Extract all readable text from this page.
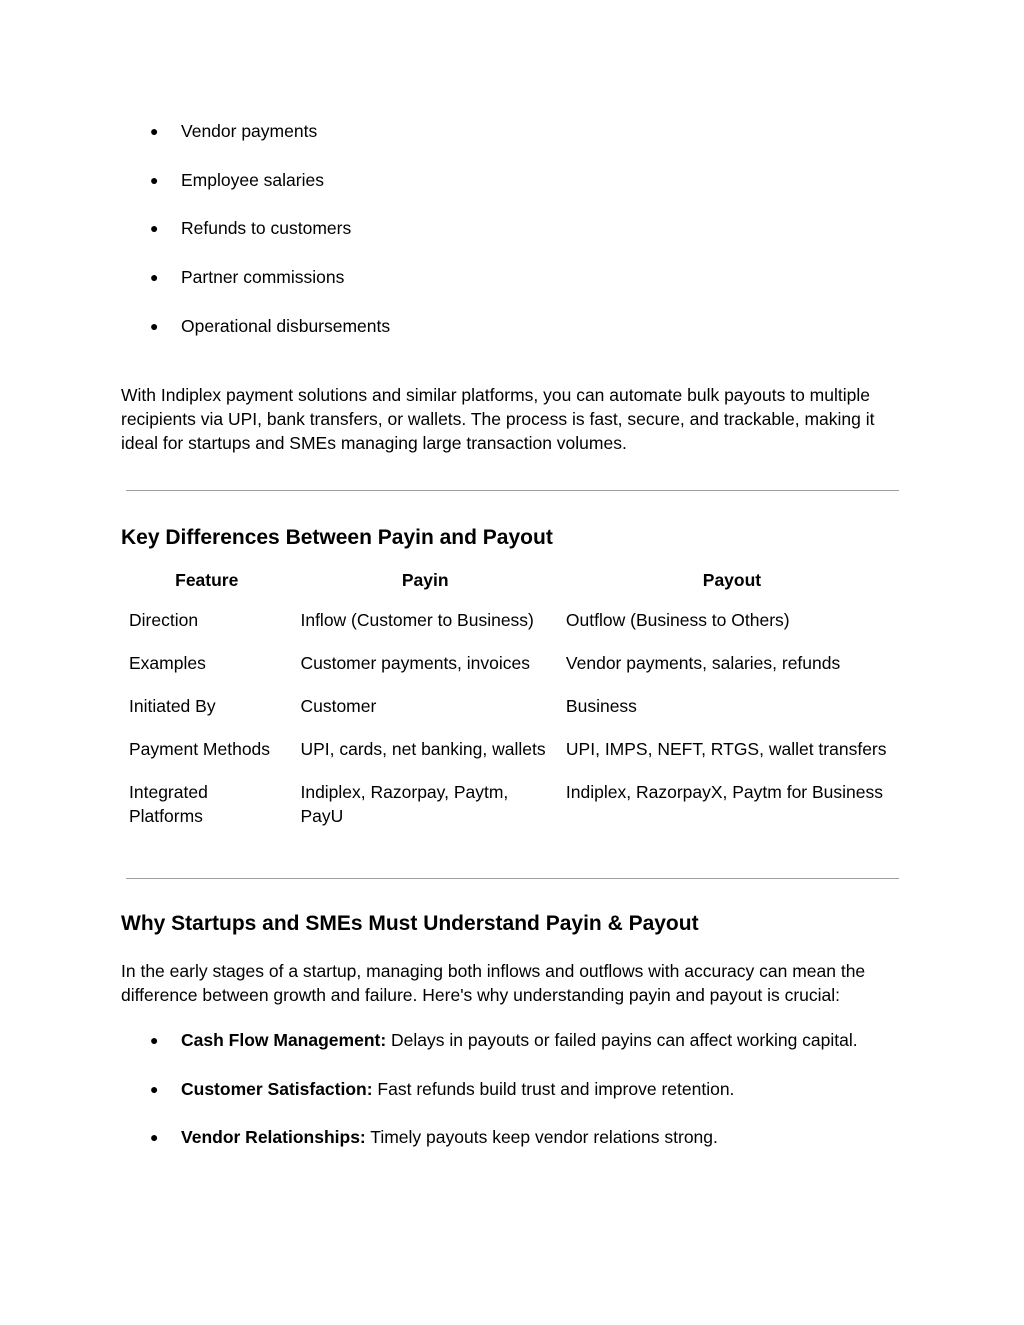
● Vendor payments
● Employee salaries
● Refunds to customers
● Partner commissions
● Operational disbursements

With Indiplex payment solutions and similar platforms, you can automate bulk payouts to multiple recipients via UPI, bank transfers, or wallets. The process is fast, secure, and trackable, making it ideal for startups and SMEs managing large transaction volumes.

Key Differences Between Payin and Payout
Feature	Payin	Payout
Direction	Inflow (Customer to Business)	Outflow (Business to Others)
Examples	Customer payments, invoices	Vendor payments, salaries, refunds
Initiated By	Customer	Business
Payment Methods	UPI, cards, net banking, wallets	UPI, IMPS, NEFT, RTGS, wallet transfers
Integrated Platforms	Indiplex, Razorpay, Paytm, PayU	Indiplex, RazorpayX, Paytm for Business
Why Startups and SMEs Must Understand Payin & Payout

In the early stages of a startup, managing both inflows and outflows with accuracy can mean the difference between growth and failure. Here's why understanding payin and payout is crucial:

● Cash Flow Management: Delays in payouts or failed payins can affect working capital.
● Customer Satisfaction: Fast refunds build trust and improve retention.
● Vendor Relationships: Timely payouts keep vendor relations strong.
